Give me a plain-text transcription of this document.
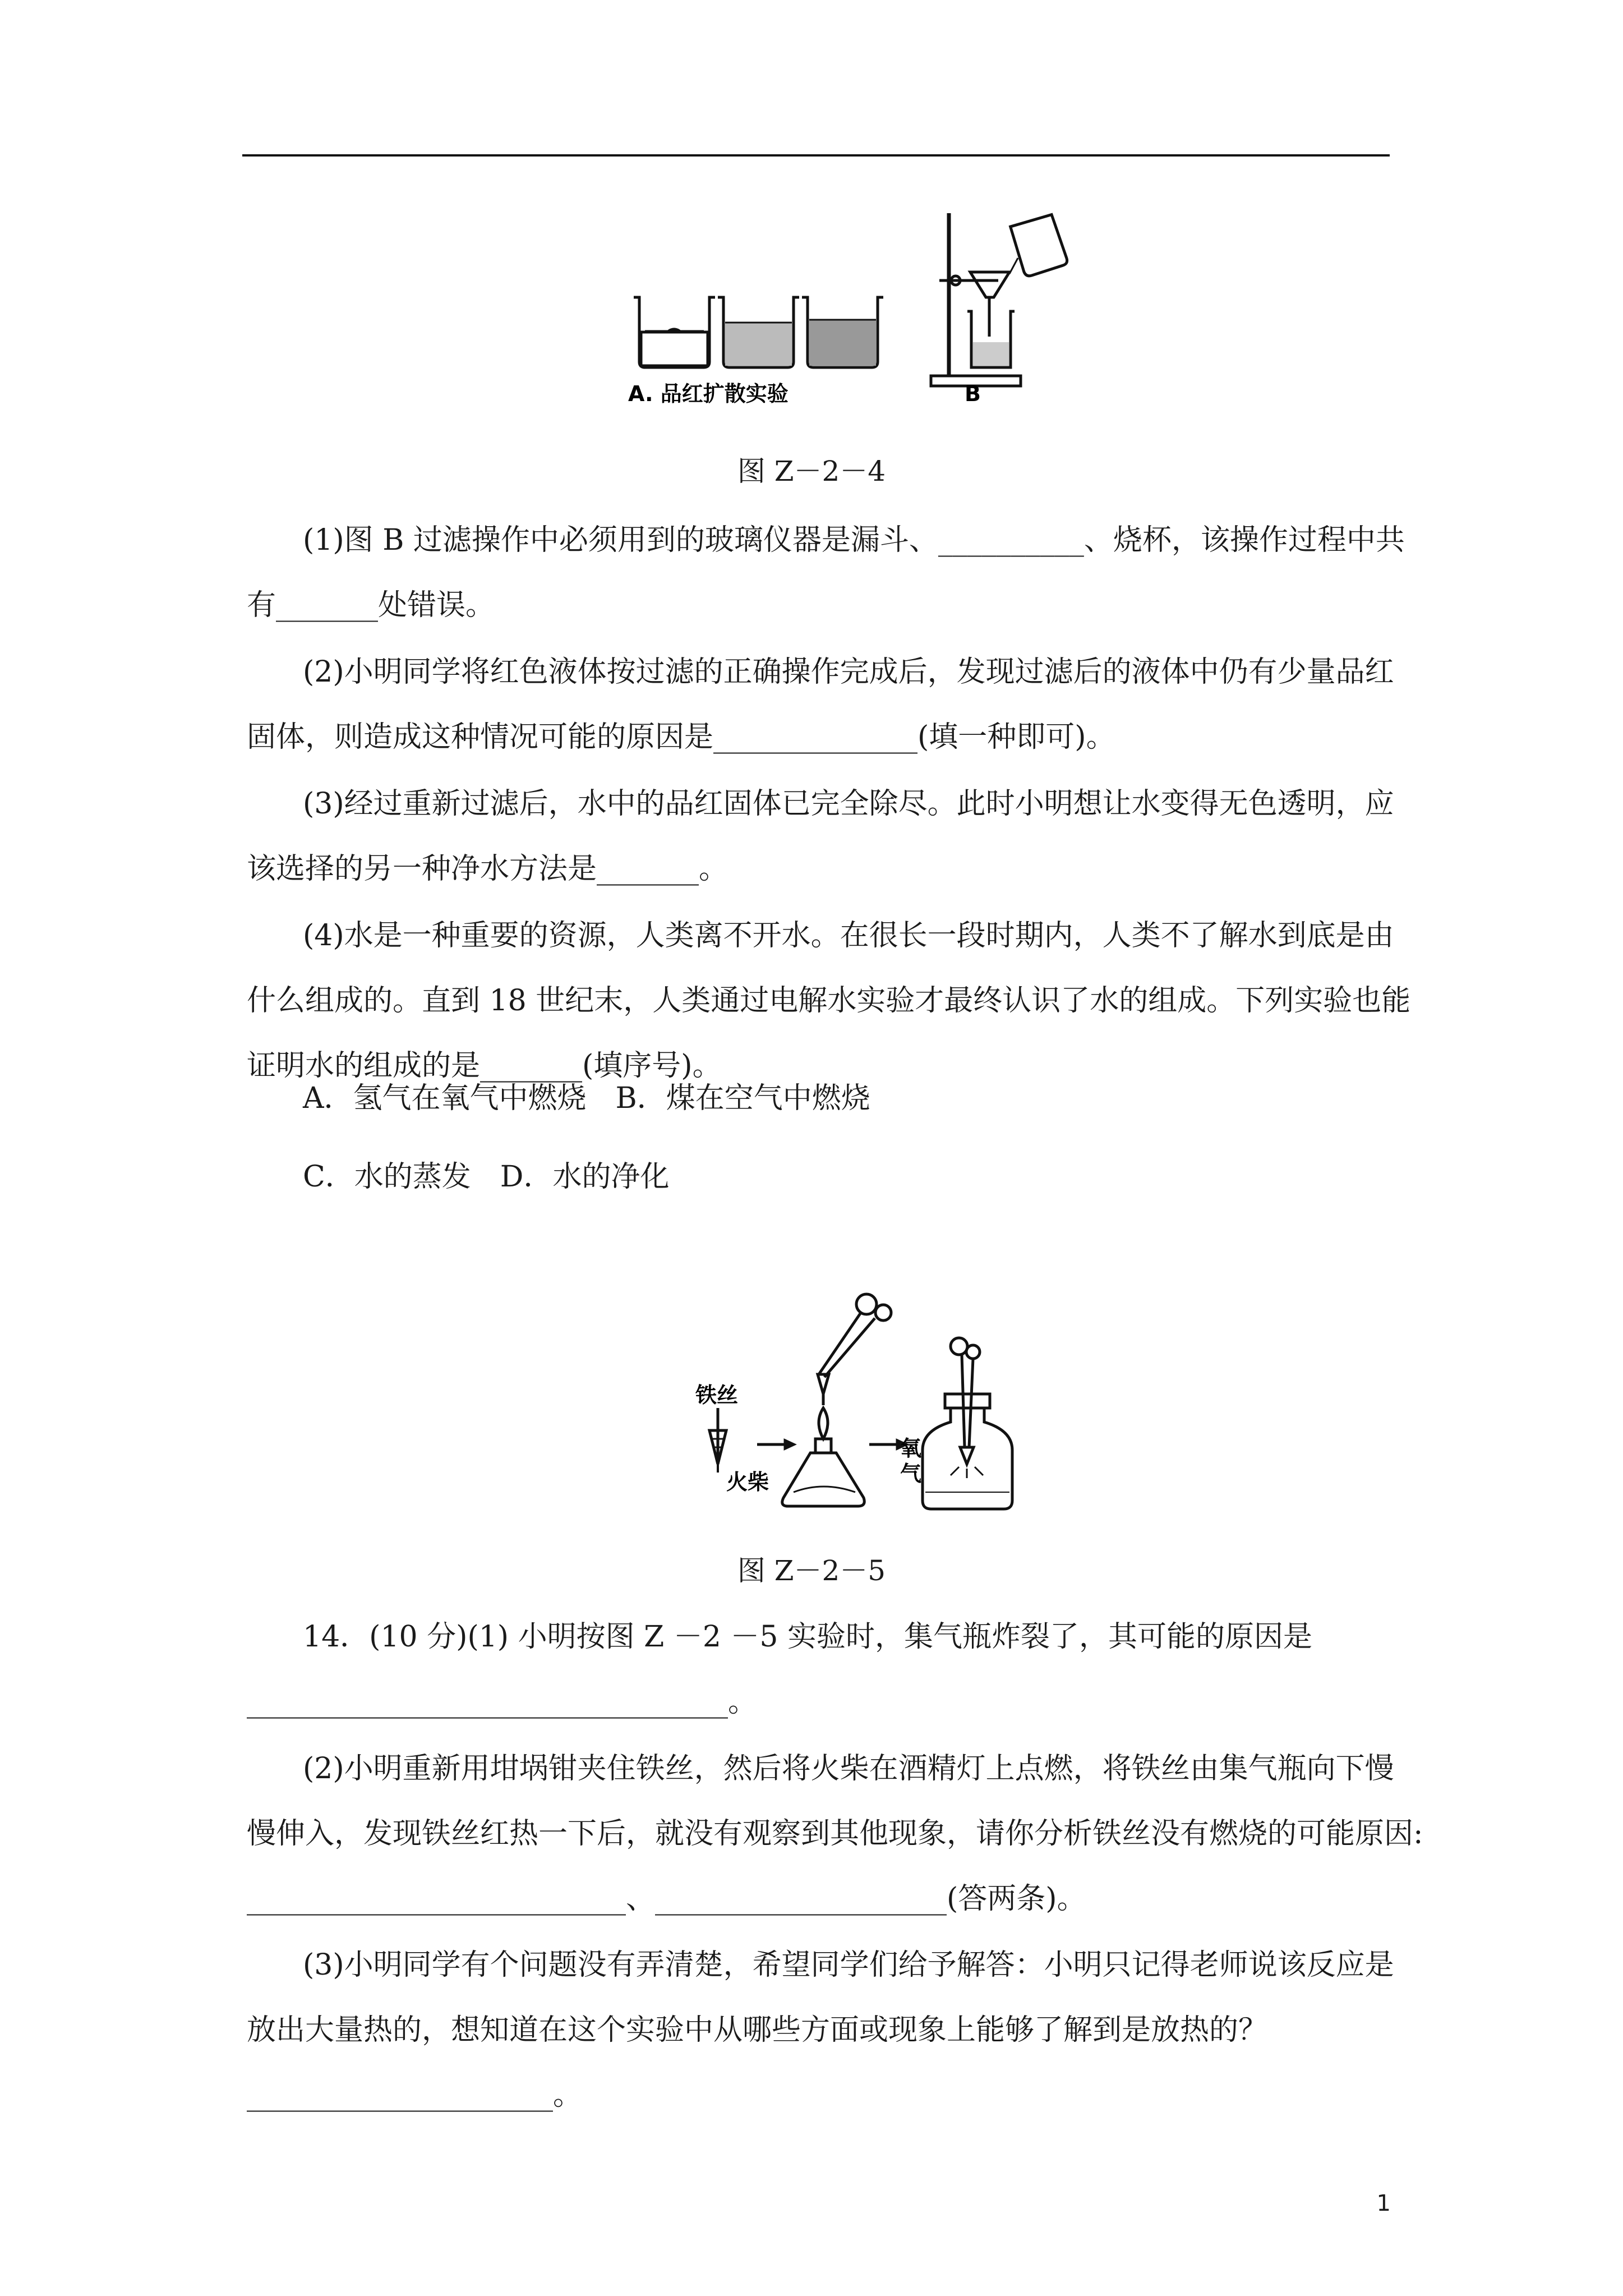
A. 品红扩散实验	B
图 Z－2－4
(1)图 B 过滤操作中必须用到的玻璃仪器是漏斗、__________、烧杯，该操作过程中共
有_______处错误。
(2)小明同学将红色液体按过滤的正确操作完成后，发现过滤后的液体中仍有少量品红
固体，则造成这种情况可能的原因是______________(填一种即可)。
(3)经过重新过滤后，水中的品红固体已完全除尽。此时小明想让水变得无色透明，应
该选择的另一种净水方法是_______。
(4)水是一种重要的资源，人类离不开水。在很长一段时期内，人类不了解水到底是由
什么组成的。直到 18 世纪末，人类通过电解水实验才最终认识了水的组成。下列实验也能
证明水的组成的是_______(填序号)。
A．氢气在氧气中燃烧　B．煤在空气中燃烧
C．水的蒸发　D．水的净化
铁丝
火柴
氧
气
图 Z－2－5
14．(10 分)(1) 小明按图 Z －2 －5 实验时，集气瓶炸裂了，其可能的原因是
_________________________________。
(2)小明重新用坩埚钳夹住铁丝，然后将火柴在酒精灯上点燃，将铁丝由集气瓶向下慢
慢伸入，发现铁丝红热一下后，就没有观察到其他现象，请你分析铁丝没有燃烧的可能原因:
__________________________、____________________(答两条)。
(3)小明同学有个问题没有弄清楚，希望同学们给予解答：小明只记得老师说该反应是
放出大量热的，想知道在这个实验中从哪些方面或现象上能够了解到是放热的？
_____________________。
1
